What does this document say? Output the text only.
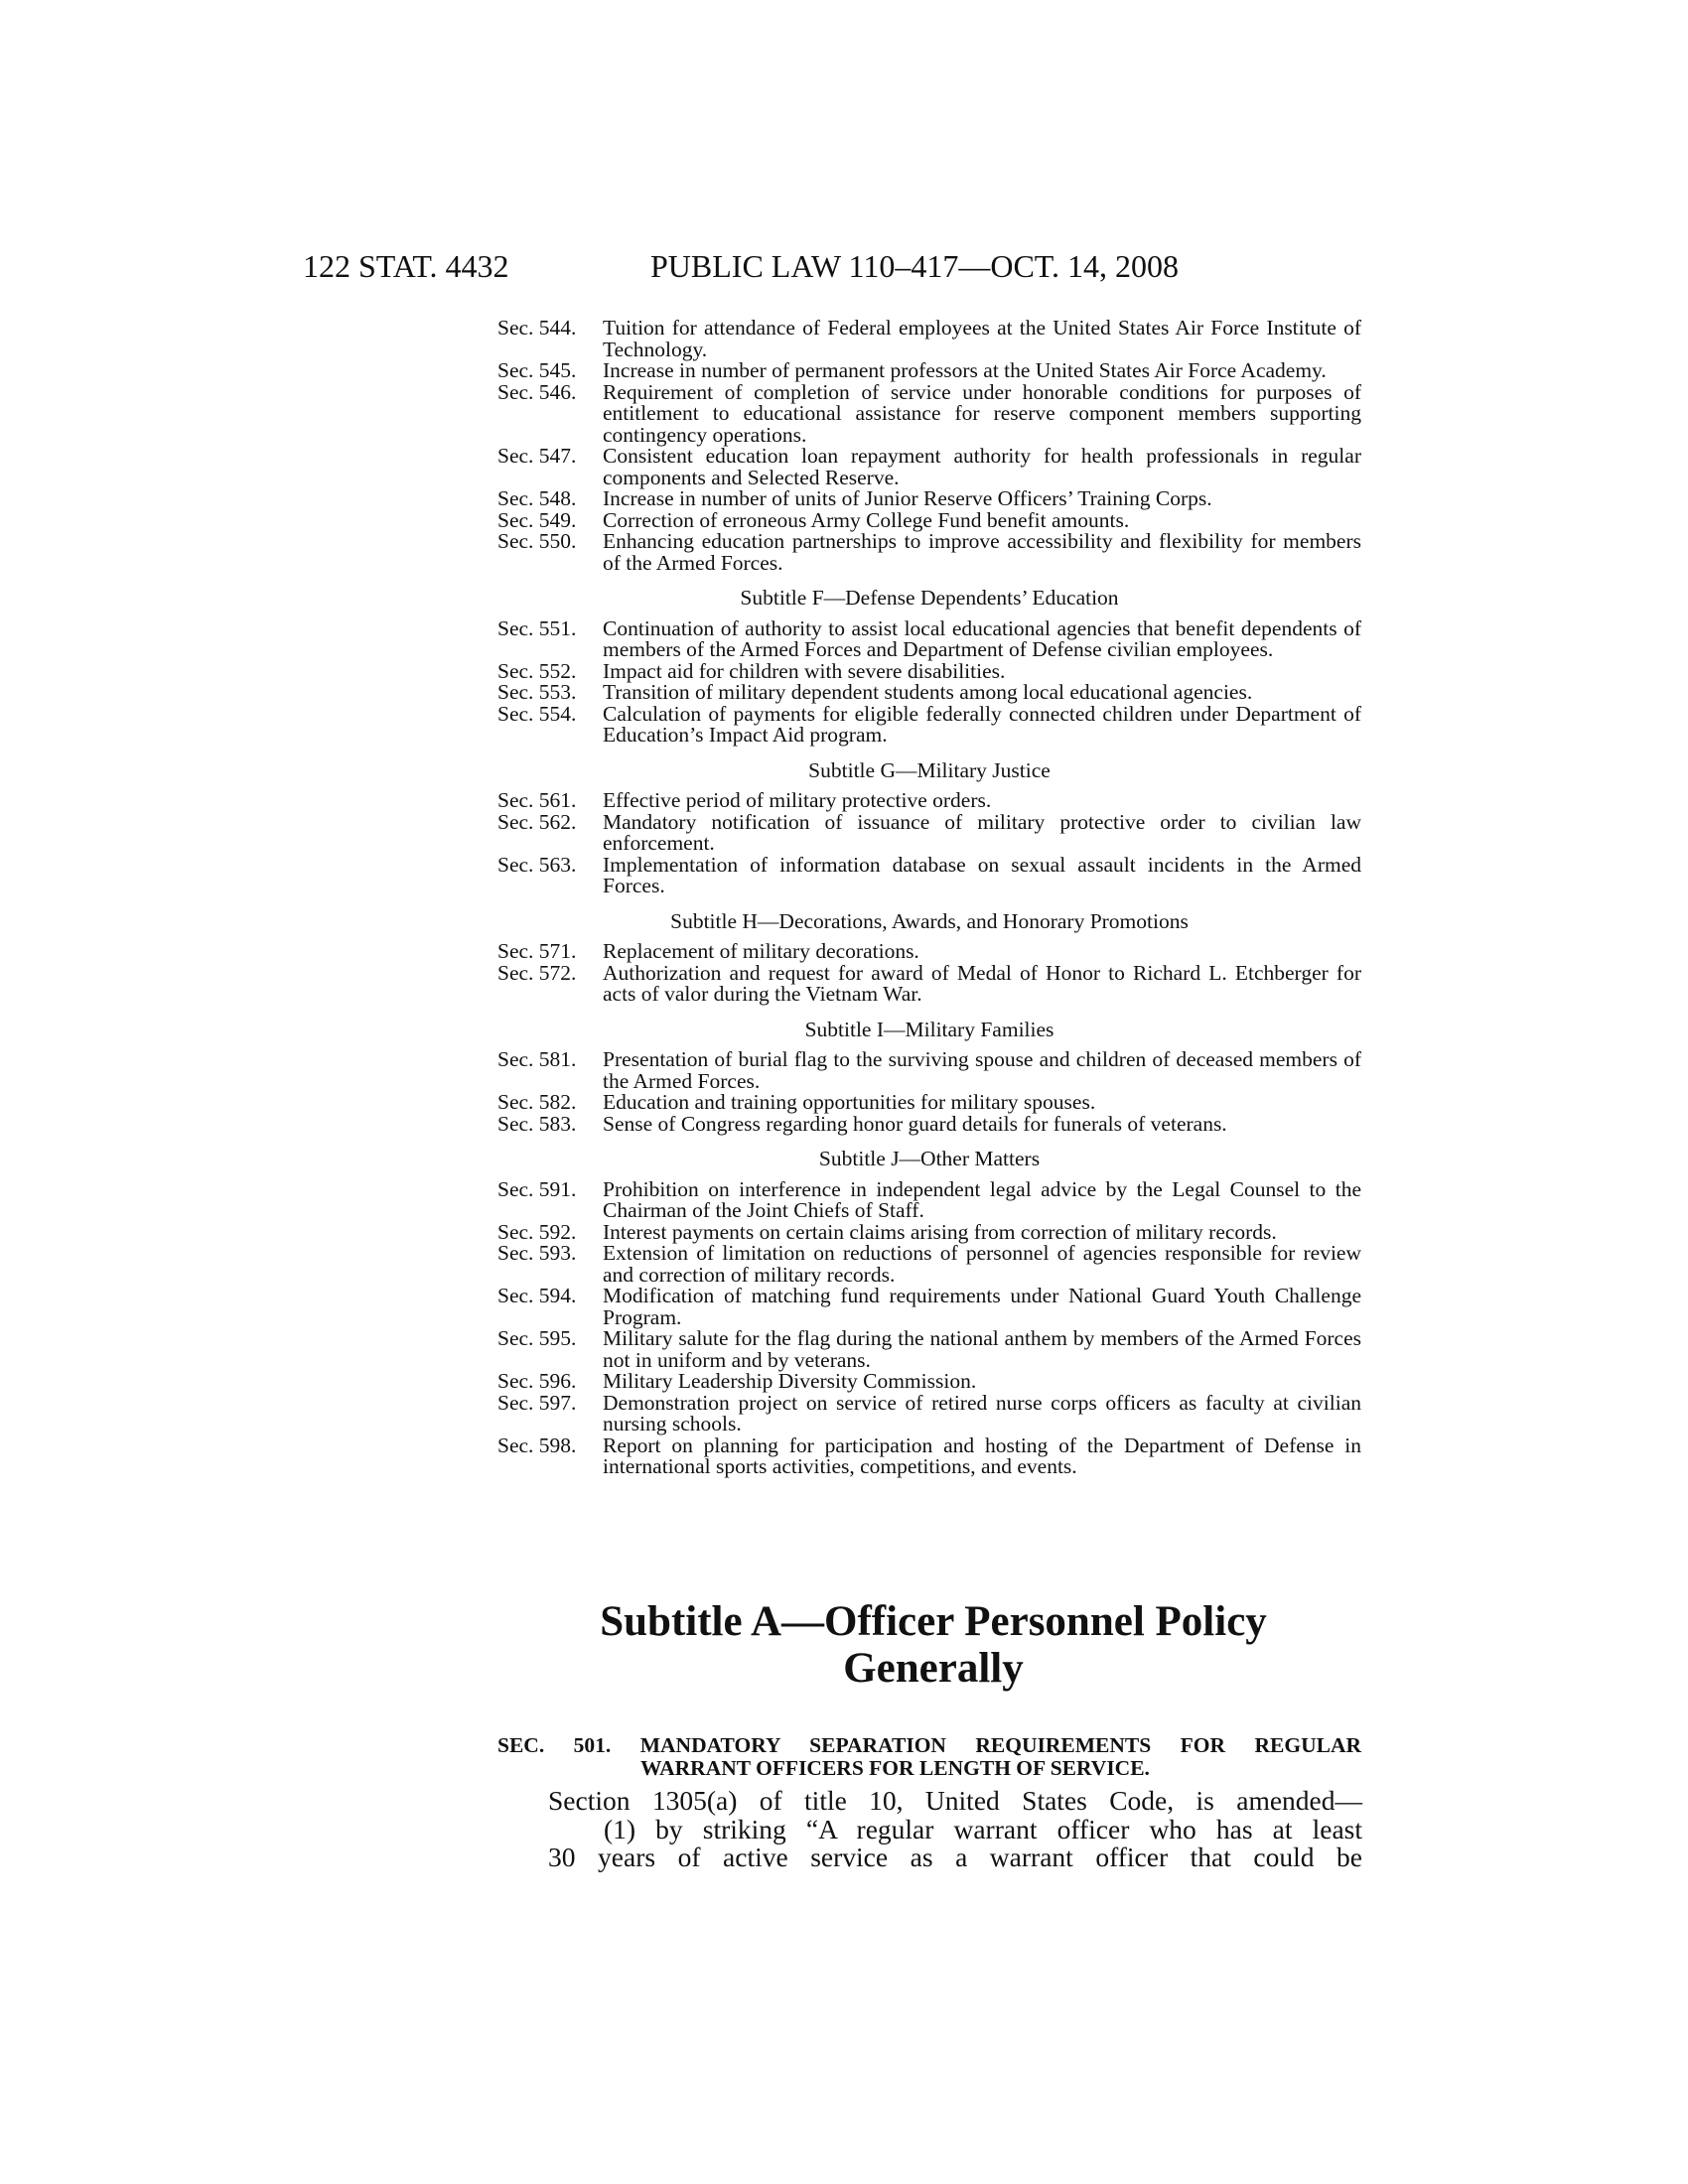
122 STAT. 4432	PUBLIC LAW 110–417—OCT. 14, 2008
Sec. 544.	Tuition for attendance of Federal employees at the United States Air Force Institute of Technology.
Sec. 545.	Increase in number of permanent professors at the United States Air Force Academy.
Sec. 546.	Requirement of completion of service under honorable conditions for purposes of entitlement to educational assistance for reserve component members supporting contingency operations.
Sec. 547.	Consistent education loan repayment authority for health professionals in regular components and Selected Reserve.
Sec. 548.	Increase in number of units of Junior Reserve Officers’ Training Corps.
Sec. 549.	Correction of erroneous Army College Fund benefit amounts.
Sec. 550.	Enhancing education partnerships to improve accessibility and flexibility for members of the Armed Forces.
Subtitle F—Defense Dependents’ Education
Sec. 551.	Continuation of authority to assist local educational agencies that benefit dependents of members of the Armed Forces and Department of Defense civilian employees.
Sec. 552.	Impact aid for children with severe disabilities.
Sec. 553.	Transition of military dependent students among local educational agencies.
Sec. 554.	Calculation of payments for eligible federally connected children under Department of Education’s Impact Aid program.
Subtitle G—Military Justice
Sec. 561.	Effective period of military protective orders.
Sec. 562.	Mandatory notification of issuance of military protective order to civilian law enforcement.
Sec. 563.	Implementation of information database on sexual assault incidents in the Armed Forces.
Subtitle H—Decorations, Awards, and Honorary Promotions
Sec. 571.	Replacement of military decorations.
Sec. 572.	Authorization and request for award of Medal of Honor to Richard L. Etchberger for acts of valor during the Vietnam War.
Subtitle I—Military Families
Sec. 581.	Presentation of burial flag to the surviving spouse and children of deceased members of the Armed Forces.
Sec. 582.	Education and training opportunities for military spouses.
Sec. 583.	Sense of Congress regarding honor guard details for funerals of veterans.
Subtitle J—Other Matters
Sec. 591.	Prohibition on interference in independent legal advice by the Legal Counsel to the Chairman of the Joint Chiefs of Staff.
Sec. 592.	Interest payments on certain claims arising from correction of military records.
Sec. 593.	Extension of limitation on reductions of personnel of agencies responsible for review and correction of military records.
Sec. 594.	Modification of matching fund requirements under National Guard Youth Challenge Program.
Sec. 595.	Military salute for the flag during the national anthem by members of the Armed Forces not in uniform and by veterans.
Sec. 596.	Military Leadership Diversity Commission.
Sec. 597.	Demonstration project on service of retired nurse corps officers as faculty at civilian nursing schools.
Sec. 598.	Report on planning for participation and hosting of the Department of Defense in international sports activities, competitions, and events.
Subtitle A—Officer Personnel Policy
Generally
SEC. 501. MANDATORY SEPARATION REQUIREMENTS FOR REGULAR
WARRANT OFFICERS FOR LENGTH OF SERVICE.
Section 1305(a) of title 10, United States Code, is amended—
(1) by striking “A regular warrant officer who has at least
30 years of active service as a warrant officer that could be
